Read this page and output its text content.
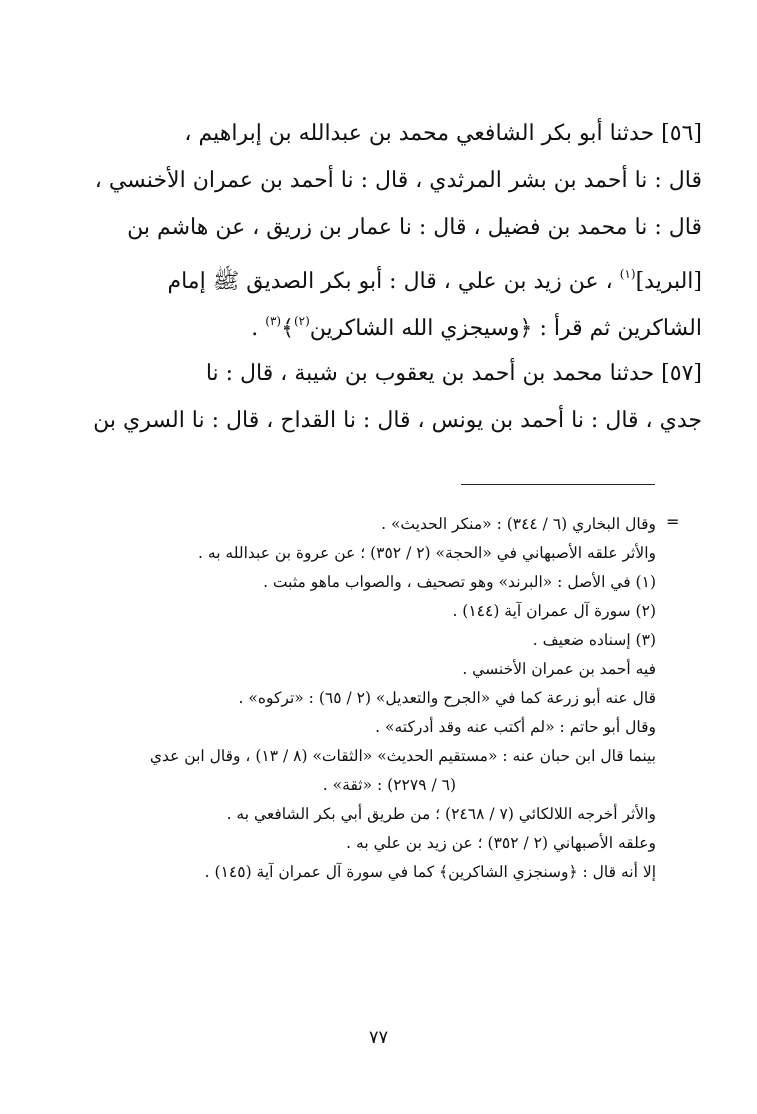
[٥٦] حدثنا أبو بكر الشافعي محمد بن عبدالله بن إبراهيم ،
قال : نا أحمد بن بشر المرثدي ، قال : نا أحمد بن عمران الأخنسي ،
قال : نا محمد بن فضيل ، قال : نا عمار بن زريق ، عن هاشم بن
[البريد]$^{(١)}$ ، عن زيد بن علي ، قال : أبو بكر الصديق ﷺ إمام
الشاكرين ثم قرأ : ﴿وسيجزي الله الشاكرين$^{(٢)}$﴾$^{(٣)}$ .
[٥٧] حدثنا محمد بن أحمد بن يعقوب بن شيبة ، قال : نا
جدي ، قال : نا أحمد بن يونس ، قال : نا القداح ، قال : نا السري بن
=
وقال البخاري (٦ / ٣٤٤) : «منكر الحديث» .
والأثر علقه الأصبهاني في «الحجة» (٢ / ٣٥٢) ؛ عن عروة بن عبدالله به .
(١) في الأصل : «البرند» وهو تصحيف ، والصواب ماهو مثبت .
(٢) سورة آل عمران آية (١٤٤) .
(٣) إسناده ضعيف .
فيه أحمد بن عمران الأخنسي .
قال عنه أبو زرعة كما في «الجرح والتعديل» (٢ / ٦٥) : «تركوه» .
وقال أبو حاتم : «لم أكتب عنه وقد أدركته» .
بينما قال ابن حبان عنه : «مستقيم الحديث» «الثقات» (٨ / ١٣) ، وقال ابن عدي
(٦ / ٢٢٧٩) : «ثقة» .
والأثر أخرجه اللالكائي (٧ / ٢٤٦٨) ؛ من طريق أبي بكر الشافعي به .
وعلقه الأصبهاني (٢ / ٣٥٢) ؛ عن زيد بن علي به .
إلا أنه قال : ﴿وسنجزي الشاكرين﴾ كما في سورة آل عمران آية (١٤٥) .
٧٧
